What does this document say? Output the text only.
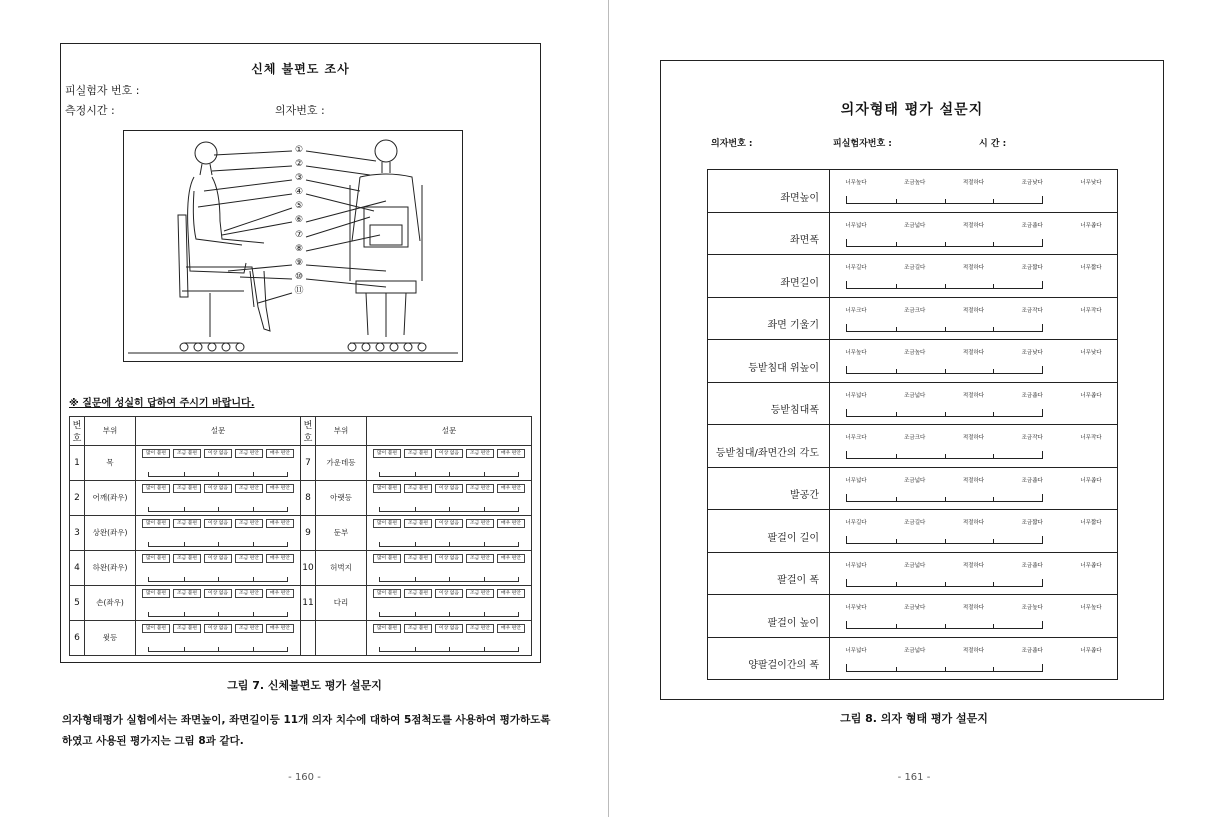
신체 불편도 조사
피실험자 번호 :
측정시간 :	의자번호 :
①
②
③
④
⑤
⑥
⑦
⑧
⑨
⑩
⑪
※ 질문에 성실히 답하여 주시기 바랍니다.
번호	부위	설문	번호	부위	설문
1	목	많이 불편 조금 불편 이상 없음 조금 편안 매우 편안	7	가운데등	많이 불편 조금 불편 이상 없음 조금 편안 매우 편안

2	어깨(좌우)	많이 불편 조금 불편 이상 없음 조금 편안 매우 편안	8	아랫등	많이 불편 조금 불편 이상 없음 조금 편안 매우 편안

3	상완(좌우)	많이 불편 조금 불편 이상 없음 조금 편안 매우 편안	9	둔부	많이 불편 조금 불편 이상 없음 조금 편안 매우 편안

4	하완(좌우)	많이 불편 조금 불편 이상 없음 조금 편안 매우 편안	10	허벅지	많이 불편 조금 불편 이상 없음 조금 편안 매우 편안

5	손(좌우)	많이 불편 조금 불편 이상 없음 조금 편안 매우 편안	11	다리	많이 불편 조금 불편 이상 없음 조금 편안 매우 편안

6	윗등	많이 불편 조금 불편 이상 없음 조금 편안 매우 편안			많이 불편 조금 불편 이상 없음 조금 편안 매우 편안
그림 7. 신체불편도 평가 설문지
의자형태평가 실험에서는 좌면높이, 좌면길이등 11개 의자 치수에 대하여 5점척도를 사용하여 평가하도록 하였고 사용된 평가지는 그림 8과 같다.
- 160 -
의자형태 평가 설문지
의자번호 :	피실험자번호 :	시 간 :
좌면높이
너무높다	조금높다	적절하다	조금낮다	너무낮다
좌면폭
너무넓다	조금넓다	적절하다	조금좁다	너무좁다
좌면길이
너무길다	조금길다	적절하다	조금짧다	너무짧다
좌면 기울기
너무크다	조금크다	적절하다	조금작다	너무작다
등받침대 위높이
너무높다	조금높다	적절하다	조금낮다	너무낮다
등받침대폭
너무넓다	조금넓다	적절하다	조금좁다	너무좁다
등받침대/좌면간의 각도
너무크다	조금크다	적절하다	조금작다	너무작다
발공간
너무넓다	조금넓다	적절하다	조금좁다	너무좁다
팔걸이 길이
너무길다	조금길다	적절하다	조금짧다	너무짧다
팔걸이 폭
너무넓다	조금넓다	적절하다	조금좁다	너무좁다
팔걸이 높이
너무낮다	조금낮다	적절하다	조금높다	너무높다
양팔걸이간의 폭
너무넓다	조금넓다	적절하다	조금좁다	너무좁다
그림 8. 의자 형태 평가 설문지
- 161 -
